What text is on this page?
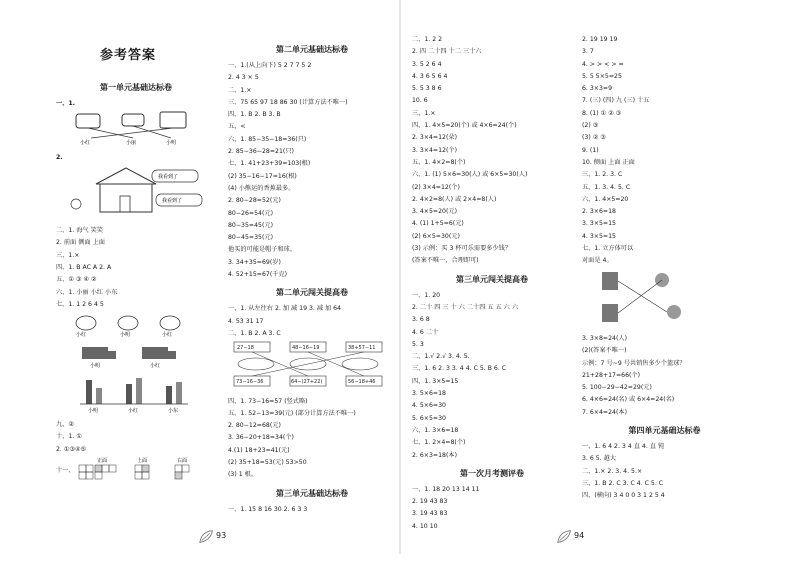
参考答案
第一单元基础达标卷
一、1.
小红	小丽	小明
2.
我看到了
我看到了
二、1. 海气 笑笑
2. 前面 侧面 上面
三、1.×
四、1. B AC A 2. A
五、① ③ ④ ②
六、1. 小丽 小红 小东
七、1. 1 2 6 4 5
小红	小明	小红

小明	小红

小明	小红	小东
九、②
十、1. ①
2. ①③④⑤
十一、
正面	上面	右面
第二单元基础达标卷
一、1.(从上向下) 5 2 7 7 5 2
2. 4 3 × 5
二、1.×
三、75 65 97 18 86 30 (计算方法不唯一)
四、1. B 2. B 3. B
五、<
六、1. 85−35−18=36(只)
2. 85−36−28=21(只)
七、1. 41+23+39=103(根)
(2) 35−16−17=16(根)
(4) 小熊运的香蕉最多。
2. 80−28=52(元)
80−26=54(元)
80−35=45(元)
80−45=35(元)
他买的可能是帽子和球。
3. 34+35=69(岁)
4. 52+15=67(千克)
第二单元闯关提高卷
一、1. 从左往右 2. 加 减 19 3. 减 加 64
4. 53 31 17
二、1. B 2. A 3. C
27−18	48−16−19	38+57−11
73−16−36	64−(27+22)	56−18+46
四、1. 73−16=57 (竖式略)
五、1. 52−13=39(元) (部分计算方法不唯一)
2. 80−12=68(元)
3. 36−20+18=34(个)
4.(1) 18+23=41(元)
(2) 35+18=53(元) 53>50
(3) 1 根。
第三单元基础达标卷
一、1. 15 8 16 30 2. 6 3 3
93
二、1. 2 2
2. 四 二十四 十二 三十六
3. 5 2 6 4
4. 3 6 5 6 4
5. 5 3 8 6
10. 6
三、1.×
四、1. 4×5=20(个) 或 4×6=24(个)
2. 3×4=12(朵)
3. 3×4=12(个)
五、1. 4×2=8(个)
六、1. (1) 5×6=30(人) 或 6×5=30(人)
(2) 3×4=12(个)
2. 4×2=8(人) 或 2×4=8(人)
3. 4×5=20(元)
4. (1) 1+5=6(元)
(2) 6×5=30(元)
(3) 示例：买 3 杯可乐需要多少钱？
(答案不唯一，合理即可)
第三单元闯关提高卷
一、1. 20
2. 二十 四 三 十 六 二十四 五 五 六 六
3. 6 8
4. 6 二十
5. 3
二、1.√ 2.√ 3. 4. 5.
三、1. 6 2. 3 3. 4 4. C 5. B 6. C
四、1. 3×5=15
3. 5×6=18
4. 5×6=30
5. 6×5=30
六、1. 3×6=18
七、1. 2×4=8(个)
2. 6×3=18(本)
第一次月考测评卷
一、1. 18 20 13 14 11
2. 19 43 83
3. 19 43 83
4. 10 10
2. 19 19 19
3. 7
4. > > < > =
5. 5 5×5=25
6. 3×3=9
7. (三) (四) 九 (三) 十五
8. (1) ① ② ③
(2) ③
(3) ② ③
9. (1)
10. 侧面 上面 正面
三、1. 2. 3. C
五、1. 3. 4. 5. C
六、1. 4×5=20
2. 3×6=18
3. 3×5=15
4. 3×5=15
七、1. 立方体可以
对面是 4。
3. 3×8=24(人)
(2)(答案不唯一)
示例：7 号~9 号共销售多少个篮球？
21+28+17=66(个)
5. 100−29−42=29(元)
6. 4×6=24(名) 或 6×4=24(名)
7. 6×4=24(本)
第四单元基础达标卷
一、1. 6 4 2. 3 4 直 4. 直 钝
3. 6 5. 越大
二、1.× 2. 3. 4. 5.×
三、1. B 2. C 3. C 4. C 5. C
四、(横向) 3 4 0 0 3 1 2 5 4
94
